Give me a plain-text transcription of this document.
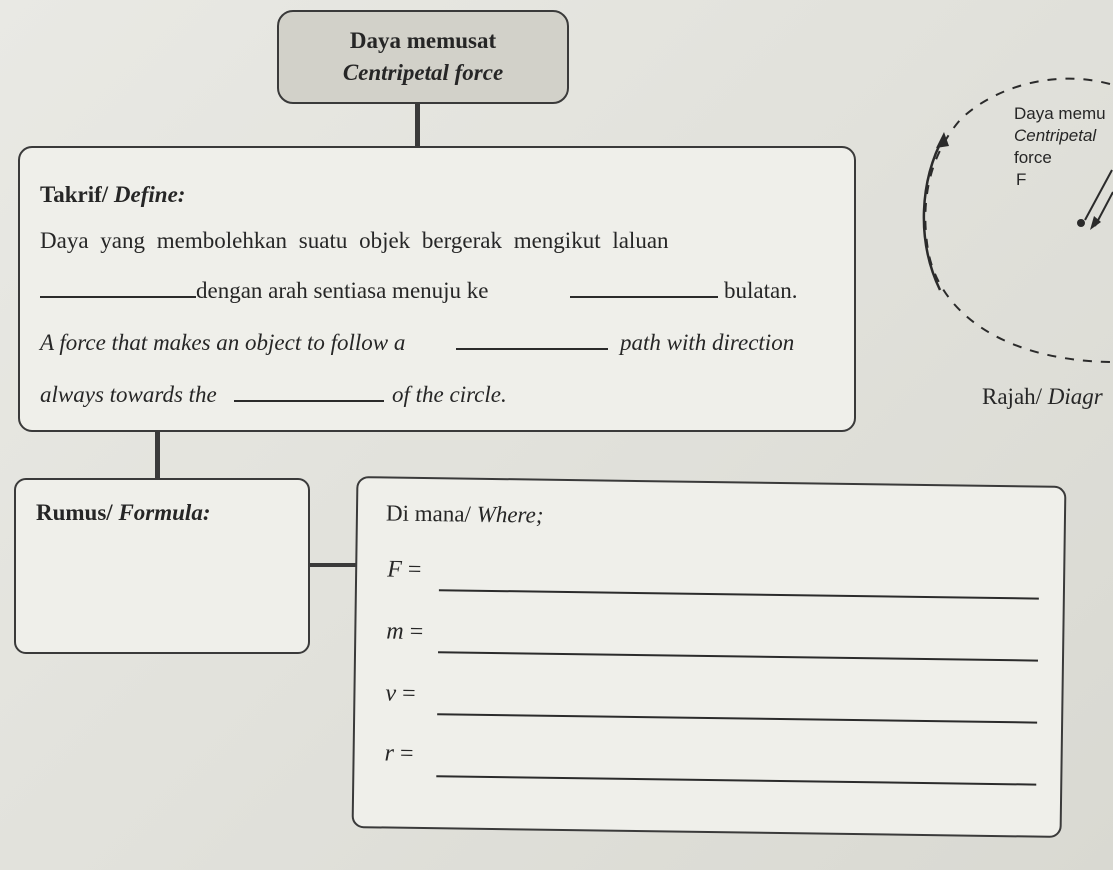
Daya memusat
Centripetal force
Takrif/ Define:
Daya yang membolehkan suatu objek bergerak mengikut laluan
dengan arah sentiasa menuju ke	bulatan.
A force that makes an object to follow a	path with direction
always towards the	of the circle.
Daya memu
Centripetal
force
F
Rajah/ Diagr
Rumus/ Formula:	Di mana/ Where;
F =
m =
v =
r =
